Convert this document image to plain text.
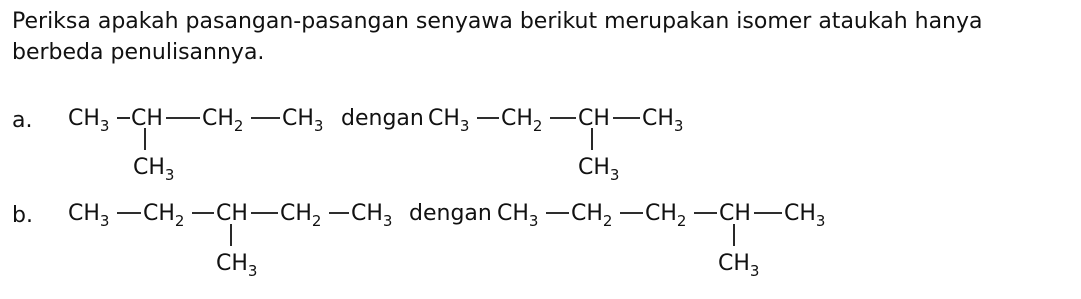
Periksa apakah pasangan-pasangan senyawa berikut merupakan isomer ataukah hanya berbeda penulisannya.

a.
b.
$CH_3$ CH $CH_2$ $CH_3$
$CH_3$
dengan $CH_3$ $CH_2$ CH $CH_3$
$CH_3$
$CH_3$ $CH_2$ CH $CH_2$ $CH_3$
$CH_3$
dengan $CH_3$ $CH_2$ $CH_2$ CH $CH_3$
$CH_3$
